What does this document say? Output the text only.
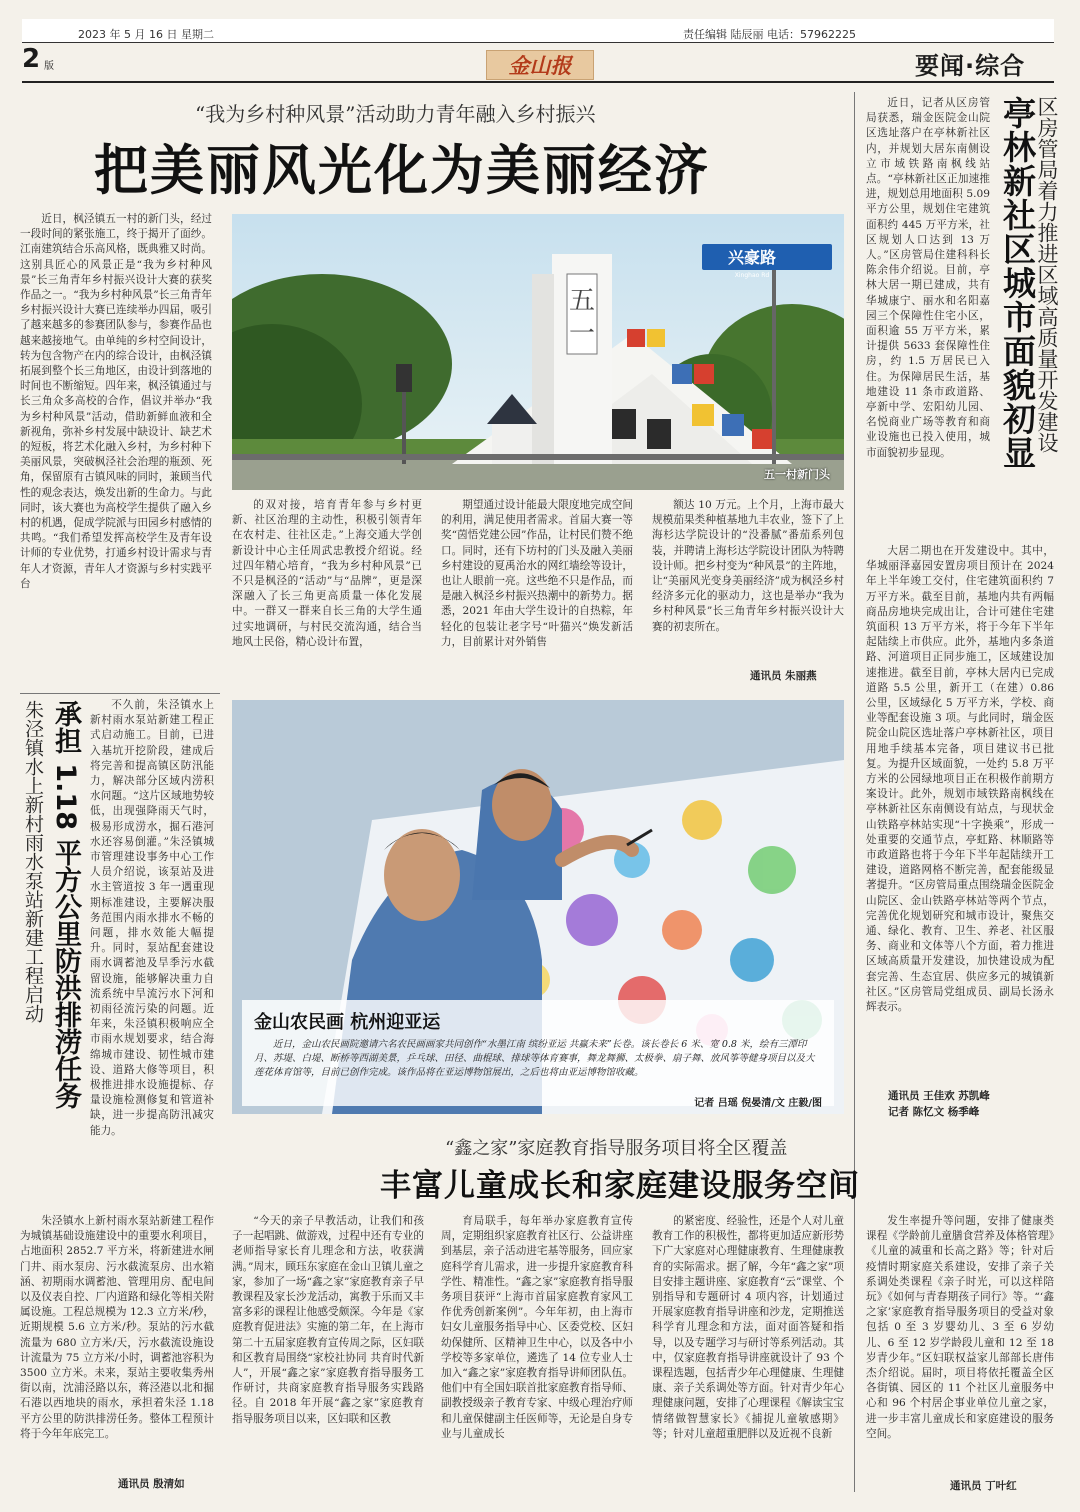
2023 年 5 月 16 日 星期二	责任编辑 陆辰丽 电话：57962225
2 版	金山报	要闻·综合
“我为乡村种风景”活动助力青年融入乡村振兴
把美丽风光化为美丽经济

近日，枫泾镇五一村的新门头，经过一段时间的紧张施工，终于揭开了面纱。江南建筑结合乐高风格，既典雅又时尚。这别具匠心的风景正是“我为乡村种风景”长三角青年乡村振兴设计大赛的获奖作品之一。“我为乡村种风景”长三角青年乡村振兴设计大赛已连续举办四届，吸引了越来越多的参赛团队参与，参赛作品也越来越接地气。由单纯的乡村空间设计，转为包含物产在内的综合设计，由枫泾镇拓展到整个长三角地区，由设计到落地的时间也不断缩短。四年来，枫泾镇通过与长三角众多高校的合作，倡议并举办“我为乡村种风景”活动，借助新鲜血液和全新视角，弥补乡村发展中缺设计、缺艺术的短板，将艺术化融入乡村，为乡村种下美丽风景，突破枫泾社会治理的瓶颈、死角，保留原有古镇风味的同时，兼顾当代性的观念表达，焕发出新的生命力。与此同时，该大赛也为高校学生提供了融入乡村的机遇，促成学院派与田园乡村感情的共鸣。“我们希望发挥高校学生及青年设计师的专业优势，打通乡村设计需求与青年人才资源，青年人才资源与乡村实践平台

五
一
兴豪路
Xinghao Rd
五一村新门头

的双对接，培育青年参与乡村更新、社区治理的主动性，积极引领青年在农村走、往社区走。”上海交通大学创新设计中心主任周武忠教授介绍说。经过四年精心培育，“我为乡村种风景”已不只是枫泾的“活动”与“品牌”，更是深深融入了长三角更高质量一体化发展中。一群又一群来自长三角的大学生通过实地调研，与村民交流沟通，结合当地风土民俗，精心设计布置，

期望通过设计能最大限度地完成空间的利用，满足使用者需求。首届大赛一等奖“茵悟党建公园”作品，让村民们赞不绝口。同时，还有下坊村的门头及融入美丽乡村建设的夏禹治水的网红墙绘等设计，也让人眼前一亮。这些绝不只是作品，而是融入枫泾乡村振兴热潮中的新势力。据悉，2021 年由大学生设计的自热粽，年轻化的包装让老字号“叶猫兴”焕发新活力，目前累计对外销售

额达 10 万元。上个月，上海市最大规模茄果类种植基地九丰农业，签下了上海杉达学院设计的“没番腻”番茄系列包装，并聘请上海杉达学院设计团队为特聘设计师。把乡村变为“种风景”的主阵地，让“美丽风光变身美丽经济”成为枫泾乡村经济多元化的驱动力，这也是举办“我为乡村种风景”长三角青年乡村振兴设计大赛的初衷所在。

通讯员 朱丽燕

近日，记者从区房管局获悉，瑞金医院金山院区选址落户在亭林新社区内，并规划大居东南侧设立市域铁路南枫线站点。“亭林新社区正加速推进，规划总用地面积 5.09 平方公里，规划住宅建筑面积约 445 万平方米，社区规划人口达到 13 万人。”区房管局住建科科长陈余伟介绍说。目前，亭林大居一期已建成，共有华城康宁、丽水和名阳嘉园三个保障性住宅小区，面积逾 55 万平方米，累计提供 5633 套保障性住房，约 1.5 万居民已入住。为保障居民生活，基地建设 11 条市政道路、亭新中学、宏阳幼儿园、名悦商业广场等教育和商业设施也已投入使用，城市面貌初步显现。	区房管局着力推进区域高质量开发建设
亭林新社区城市面貌初显

大居二期也在开发建设中。其中，华城丽泽嘉园安置房项目预计在 2024 年上半年竣工交付，住宅建筑面积约 7 万平方米。截至目前，基地内共有两幅商品房地块完成出让，合计可建住宅建筑面积 13 万平方米，将于今年下半年起陆续上市供应。此外，基地内多条道路、河道项目正同步施工，区域建设加速推进。截至目前，亭林大居内已完成道路 5.5 公里，新开工（在建）0.86 公里，区域绿化 5 万平方米，学校、商业等配套设施 3 项。与此同时，瑞金医院金山院区选址落户亭林新社区，项目用地手续基本完备，项目建议书已批复。为提升区域面貌，一处约 5.8 万平方米的公园绿地项目正在积极作前期方案设计。此外，规划市域铁路南枫线在亭林新社区东南侧设有站点，与现状金山铁路亭林站实现“十字换乘”，形成一处重要的交通节点，亭虹路、林顺路等市政道路也将于今年下半年起陆续开工建设，道路网格不断完善，配套能级显著提升。“区房管局重点围绕瑞金医院金山院区、金山铁路亭林站等两个节点，完善优化规划研究和城市设计，聚焦交通、绿化、教育、卫生、养老、社区服务、商业和文体等八个方面，着力推进区域高质量开发建设，加快建设成为配套完善、生态宜居、供应多元的城镇新社区。”区房管局党组成员、副局长汤永辉表示。

通讯员 王佳欢 苏凯峰
记者 陈忆文 杨季峰
承担 1.18 平方公里防洪排涝任务
朱泾镇水上新村雨水泵站新建工程启动	不久前，朱泾镇水上新村雨水泵站新建工程正式启动施工。目前，已进入基坑开挖阶段，建成后将完善和提高镇区防汛能力，解决部分区域内涝积水问题。“这片区域地势较低，出现强降雨天气时，极易形成涝水，掘石港河水还容易倒灌。”朱泾镇城市管理建设事务中心工作人员介绍说，该泵站及进水主管道按 3 年一遇重现期标准建设，主要解决服务范围内雨水排水不畅的问题，排水效能大幅提升。同时，泵站配套建设雨水调蓄池及旱季污水截留设施，能够解决重力自流系统中旱流污水下河和初雨径流污染的问题。近年来，朱泾镇积极响应全市雨水规划要求，结合海绵城市建设、韧性城市建设、道路大修等项目，积极推进排水设施提标、存量设施检测修复和管道补缺，进一步提高防汛减灾能力。

朱泾镇水上新村雨水泵站新建工程作为城镇基础设施建设中的重要水利项目，占地面积 2852.7 平方米，将新建进水闸门井、雨水泵房、污水截流泵房、出水箱涵、初期雨水调蓄池、管理用房、配电间以及仪表自控、厂内道路和绿化等相关附属设施。工程总规模为 12.3 立方米/秒，近期规模 5.6 立方米/秒。泵站的污水截流量为 680 立方米/天，污水截流设施设计流量为 75 立方米/小时，调蓄池容积为 3500 立方米。未来，泵站主要收集秀州街以南，沈浦泾路以东，蒋泾港以北和掘石港以西地块的雨水，承担着朱泾 1.18 平方公里的防洪排涝任务。整体工程预计将于今年年底完工。

通讯员 殷清如
金山农民画 杭州迎亚运
近日，金山农民画院邀请六名农民画画家共同创作“水墨江南 缤纷亚运 共赢未来”长卷。该长卷长 6 米、宽 0.8 米，绘有三潭印月、苏堤、白堤、断桥等西湖美景，乒乓球、田径、曲棍球、排球等体育赛事，舞龙舞狮、太极拳、扇子舞、放风筝等健身项目以及大莲花体育馆等，目前已创作完成。该作品将在亚运博物馆展出，之后也将由亚运博物馆收藏。
记者 吕瑶 倪晏清/文 庄毅/图
“鑫之家”家庭教育指导服务项目将全区覆盖
丰富儿童成长和家庭建设服务空间

“今天的亲子早教活动，让我们和孩子一起唱跳、做游戏，过程中还有专业的老师指导家长育儿理念和方法，收获满满。”周末，顾珏东家庭在金山卫镇儿童之家，参加了一场“鑫之家”家庭教育亲子早教课程及家长沙龙活动，寓教于乐而又丰富多彩的课程让他感受颇深。今年是《家庭教育促进法》实施的第二年，在上海市第二十五届家庭教育宣传周之际，区妇联和区教育局围绕“家校社协同 共育时代新人”，开展“鑫之家”家庭教育指导服务工作研讨，共商家庭教育指导服务实践路径。自 2018 年开展“鑫之家”家庭教育指导服务项目以来，区妇联和区教

育局联手，每年举办家庭教育宣传周，定期组织家庭教育社区行、公益讲座到基层，亲子活动进宅基等服务，回应家庭科学育儿需求，进一步提升家庭教育科学性、精准性。“鑫之家”家庭教育指导服务项目获评“上海市首届家庭教育家风工作优秀创新案例”。今年年初，由上海市妇女儿童服务指导中心、区委党校、区妇幼保健所、区精神卫生中心，以及各中小学校等多家单位，遴选了 14 位专业人士加入“鑫之家”家庭教育指导讲师团队伍。他们中有全国妇联首批家庭教育指导师、副教授级亲子教育专家、中级心理治疗师和儿童保健副主任医师等，无论是自身专业与儿童成长

的紧密度、经验性，还是个人对儿童教育工作的积极性，都将更加适应新形势下广大家庭对心理健康教育、生理健康教育的实际需求。据了解，今年“鑫之家”项目安排主题讲座、家庭教育“云”课堂、个别指导和专题研讨 4 项内容，计划通过开展家庭教育指导讲座和沙龙，定期推送科学育儿理念和方法，面对面答疑和指导，以及专题学习与研讨等系列活动。其中，仅家庭教育指导讲座就设计了 93 个课程选题，包括青少年心理健康、生理健康、亲子关系调处等方面。针对青少年心理健康问题，安排了心理课程《解读宝宝情绪做智慧家长》《捕捉儿童敏感期》等；针对儿童超重肥胖以及近视不良新

发生率提升等问题，安排了健康类课程《学龄前儿童膳食营养及体格管理》《儿童的减重和长高之路》等；针对后疫情时期家庭关系建设，安排了亲子关系调处类课程《亲子时光，可以这样陪玩》《如何与青春期孩子同行》等。“‘鑫之家’家庭教育指导服务项目的受益对象包括 0 至 3 岁婴幼儿、3 至 6 岁幼儿、6 至 12 岁学龄段儿童和 12 至 18 岁青少年。”区妇联权益家儿部部长唐伟杰介绍说。届时，项目将依托覆盖全区各街镇、园区的 11 个社区儿童服务中心和 96 个村居企事业单位儿童之家，进一步丰富儿童成长和家庭建设的服务空间。

通讯员 丁叶红
